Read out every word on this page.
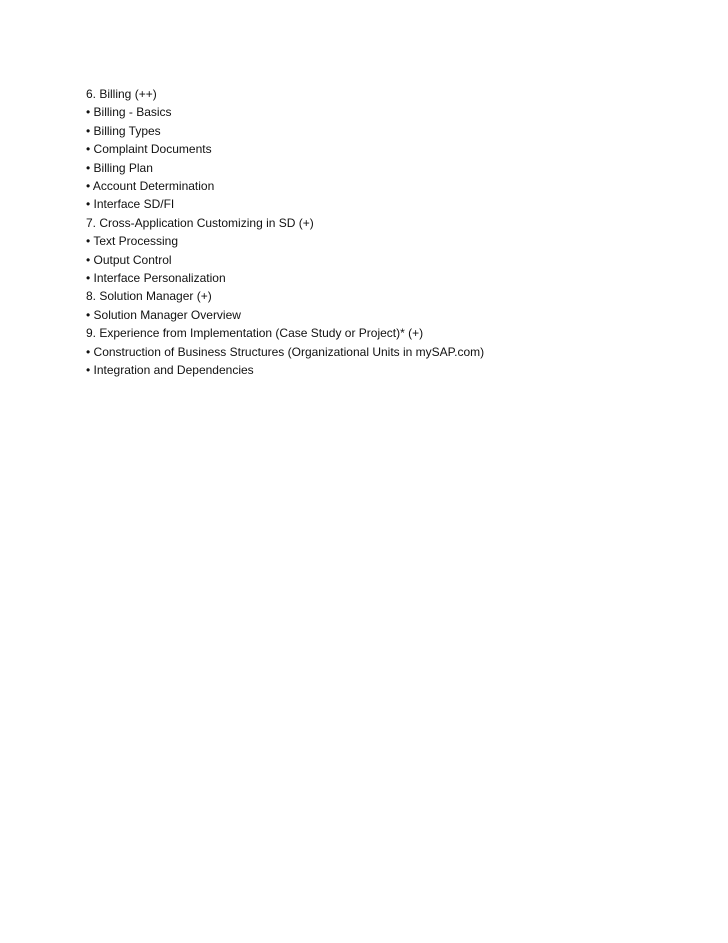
6. Billing (++)
• Billing - Basics
• Billing Types
• Complaint Documents
• Billing Plan
• Account Determination
• Interface SD/FI
7. Cross-Application Customizing in SD (+)
• Text Processing
• Output Control
• Interface Personalization
8. Solution Manager (+)
• Solution Manager Overview
9. Experience from Implementation (Case Study or Project)* (+)
• Construction of Business Structures (Organizational Units in mySAP.com)
• Integration and Dependencies
